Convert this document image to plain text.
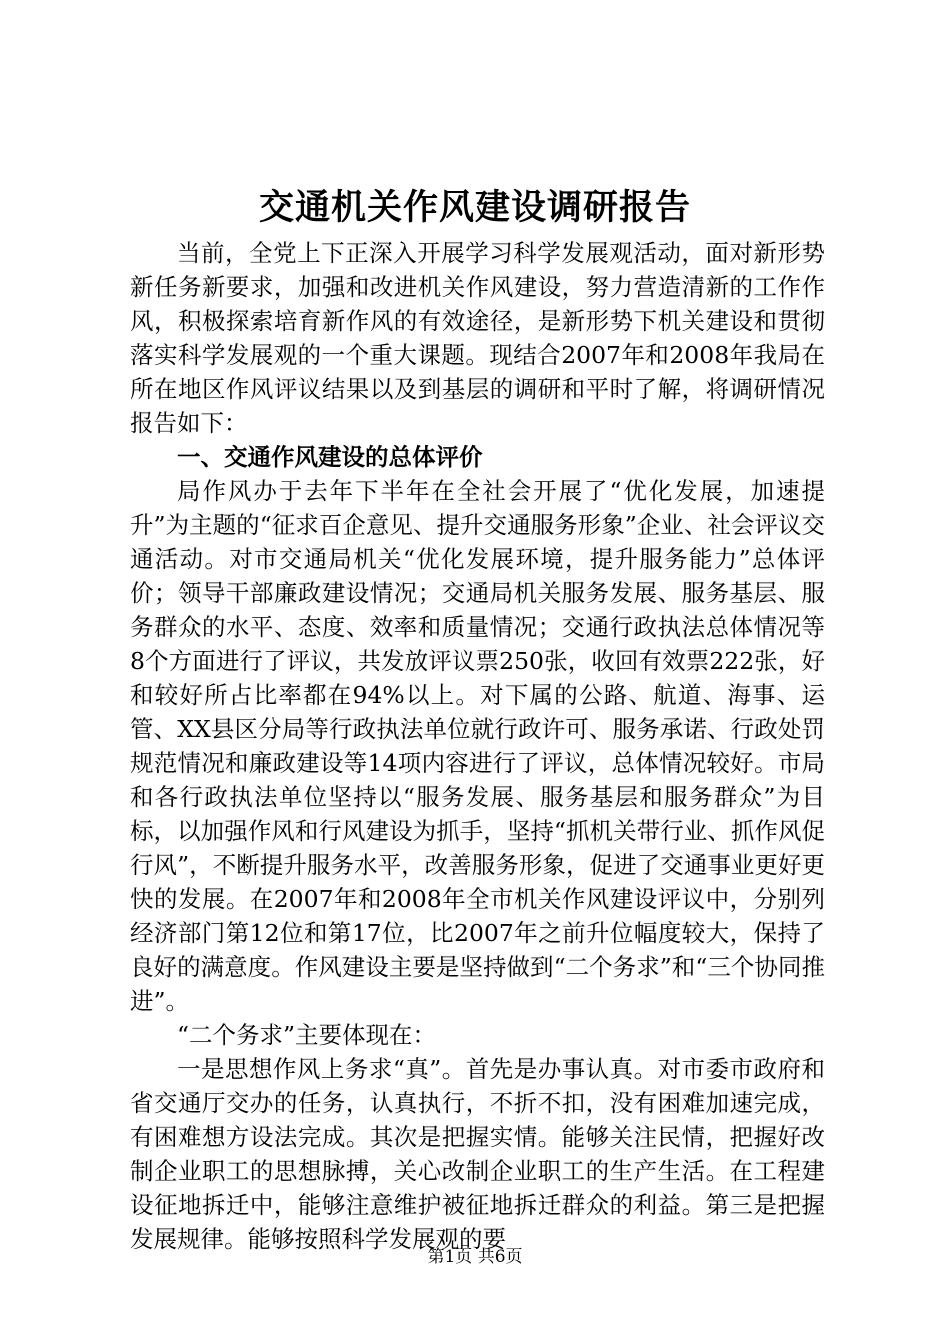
交通机关作风建设调研报告

当前，全党上下正深入开展学习科学发展观活动，面对新形势新任务新要求，加强和改进机关作风建设，努力营造清新的工作作风，积极探索培育新作风的有效途径，是新形势下机关建设和贯彻落实科学发展观的一个重大课题。现结合2007年和2008年我局在所在地区作风评议结果以及到基层的调研和平时了解，将调研情况报告如下：

一、交通作风建设的总体评价

局作风办于去年下半年在全社会开展了“优化发展，加速提升”为主题的“征求百企意见、提升交通服务形象”企业、社会评议交通活动。对市交通局机关“优化发展环境，提升服务能力”总体评价；领导干部廉政建设情况；交通局机关服务发展、服务基层、服务群众的水平、态度、效率和质量情况；交通行政执法总体情况等8个方面进行了评议，共发放评议票250张，收回有效票222张，好和较好所占比率都在94%以上。对下属的公路、航道、海事、运管、XX县区分局等行政执法单位就行政许可、服务承诺、行政处罚规范情况和廉政建设等14项内容进行了评议，总体情况较好。市局和各行政执法单位坚持以“服务发展、服务基层和服务群众”为目标，以加强作风和行风建设为抓手，坚持“抓机关带行业、抓作风促行风”，不断提升服务水平，改善服务形象，促进了交通事业更好更快的发展。在2007年和2008年全市机关作风建设评议中，分别列经济部门第12位和第17位，比2007年之前升位幅度较大，保持了良好的满意度。作风建设主要是坚持做到“二个务求”和“三个协同推进”。

“二个务求”主要体现在：

一是思想作风上务求“真”。首先是办事认真。对市委市政府和省交通厅交办的任务，认真执行，不折不扣，没有困难加速完成，有困难想方设法完成。其次是把握实情。能够关注民情，把握好改制企业职工的思想脉搏，关心改制企业职工的生产生活。在工程建设征地拆迁中，能够注意维护被征地拆迁群众的利益。第三是把握发展规律。能够按照科学发展观的要

第1页 共6页
